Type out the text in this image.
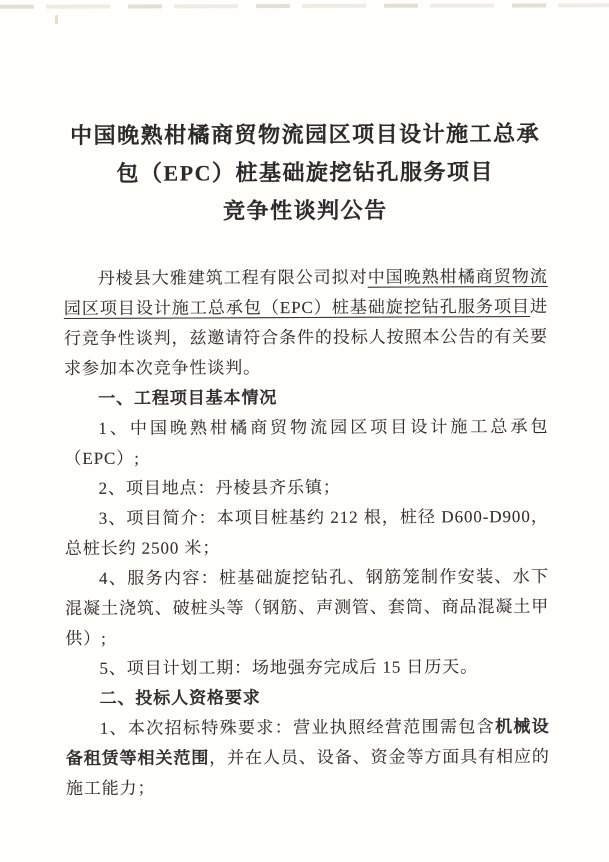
中国晚熟柑橘商贸物流园区项目设计施工总承
包（EPC）桩基础旋挖钻孔服务项目
竞争性谈判公告

丹棱县大雅建筑工程有限公司拟对中国晚熟柑橘商贸物流园区项目设计施工总承包（EPC）桩基础旋挖钻孔服务项目进行竞争性谈判，兹邀请符合条件的投标人按照本公告的有关要求参加本次竞争性谈判。

一、工程项目基本情况

1、中国晚熟柑橘商贸物流园区项目设计施工总承包（EPC）;

2、项目地点：丹棱县齐乐镇；

3、项目简介：本项目桩基约 212 根，桩径 D600-D900，总桩长约 2500 米；

4、服务内容：桩基础旋挖钻孔、钢筋笼制作安装、水下混凝土浇筑、破桩头等（钢筋、声测管、套筒、商品混凝土甲供）;

5、项目计划工期：场地强夯完成后 15 日历天。

二、投标人资格要求

1、本次招标特殊要求：营业执照经营范围需包含机械设备租赁等相关范围，并在人员、设备、资金等方面具有相应的施工能力；
